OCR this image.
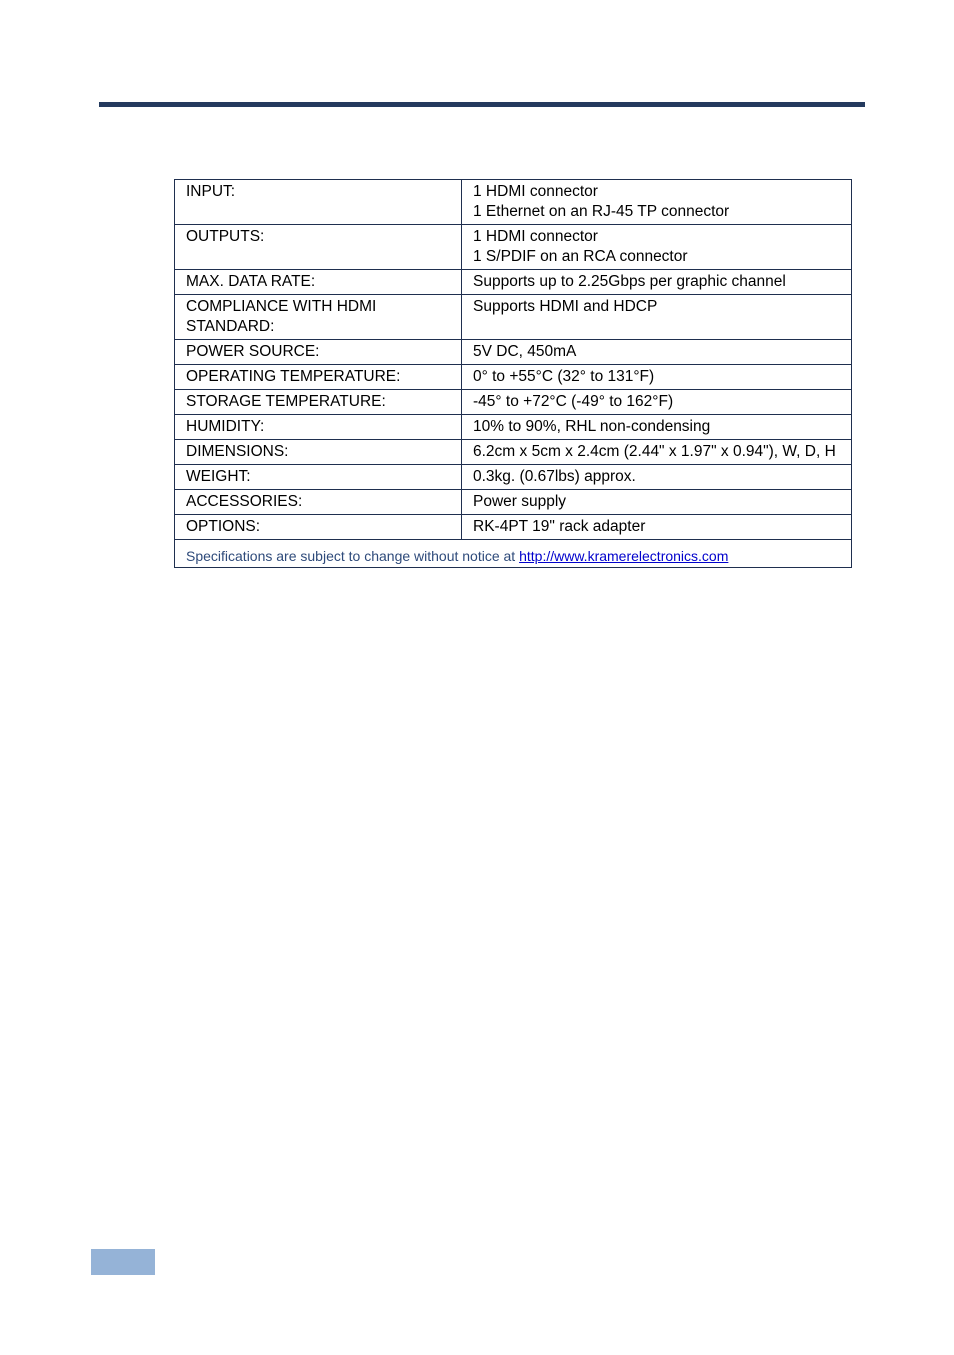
INPUT:	1 HDMI connector
1 Ethernet on an RJ-45 TP connector

OUTPUTS:	1 HDMI connector
1 S/PDIF on an RCA connector

MAX. DATA RATE:	Supports up to 2.25Gbps per graphic channel

COMPLIANCE WITH HDMI STANDARD:	Supports HDMI and HDCP

POWER SOURCE:	5V DC, 450mA

OPERATING TEMPERATURE:	0° to +55°C (32° to 131°F)

STORAGE TEMPERATURE:	-45° to +72°C (-49° to 162°F)

HUMIDITY:	10% to 90%, RHL non-condensing

DIMENSIONS:	6.2cm x 5cm x 2.4cm (2.44" x 1.97" x 0.94"), W, D, H

WEIGHT:	0.3kg. (0.67lbs) approx.

ACCESSORIES:	Power supply

OPTIONS:	RK-4PT 19" rack adapter

Specifications are subject to change without notice at http://www.kramerelectronics.com	
